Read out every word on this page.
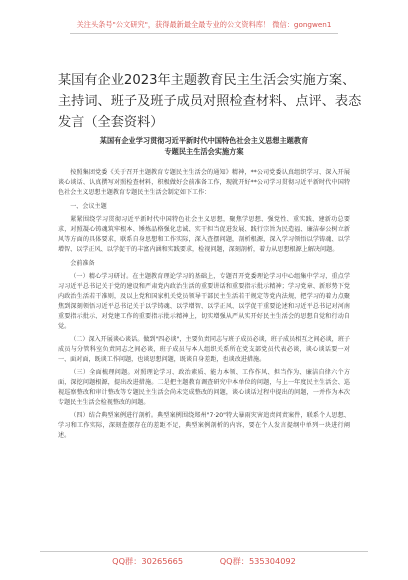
关注头条号"公文研究"，获得最新最全最专业的公文资料库！ 微信：gongwen1
某国有企业2023年主题教育民主生活会实施方案、
主持词、班子及班子成员对照检查材料、点评、表态
发言（全套资料）
某国有企业学习贯彻习近平新时代中国特色社会主义思想主题教育
专题民主生活会实施方案

按照集团党委《关于召开主题教育专题民主生活会的通知》精神，**公司党委认真组织学习、深入开展谈心谈话、认真撰写对照检查材料，积极做好会前准备工作，现就开好**公司学习贯彻习近平新时代中国特色社会主义思想主题教育专题民主生活会制定如下工作：

一、会议主题

紧紧围绕学习贯彻习近平新时代中国特色社会主义思想，聚焦学思想、强党性、重实践、建新功总要求，对照凝心铸魂筑牢根本、锤炼品格强化忠诚、实干担当促进发展、践行宗旨为民造福、廉洁奉公树立新风等方面的具体要求，联系自身思想和工作实际，深入查摆问题，剖析根源，深入学习领悟以学铸魂、以学增智、以学正风、以学促干的丰富内涵和实践要求，检视问题，深刻剖析，着力从思想根源上解决问题。

会前准备

（一）精心学习研讨。在主题教育理论学习的基础上，专题召开党委理论学习中心组集中学习，重点学习习近平总书记关于党的建设和严肃党内政治生活的重要讲话和重要指示批示精神；学习党章、新形势下党内政治生活若干准则，及以上党和国家机关党员领导干部民主生活若干规定等党内法规，把学习的着力点聚焦到深刻领悟习近平总书记关于以学铸魂、以学增智、以学正风、以学促干重要论述和习近平总书记对河南重要指示批示、对党建工作的重要指示批示精神上，切实增强从严从实开好民主生活会的思想自觉和行动自觉。

（二）深入开展谈心谈话。做到"四必谈"，主要负责同志与班子成员必谈，班子成员相互之间必谈，班子成员与分管科室负责同志之间必谈，班子成员与本人组织关系所在党支部党员代表必谈，谈心谈话要一对一、面对面，既谈工作问题，也谈思想问题，既谈自身差距，也谈改进措施。

（三）全面梳理问题。对照理论学习、政治素质、能力本领、工作作风、担当作为、廉洁自律六个方面，深挖问题根源，提出改进措施。二是把主题教育调查研究中本单位的问题，与上一年度民主生活会、巡视巡察整改和审计整改等专题民主生活会尚未完成整改的问题，谈心谈话过程中提出的问题，一并作为本次专题民主生活会检视整改的问题。

（四）结合典型案例进行剖析。典型案例围绕郑州"7·20"特大暴雨灾害追责问责案件，联系个人思想、学习和工作实际，深刻查摆存在的差距不足，典型案例剖析的内容，要在个人发言提纲中单列一块进行阐述。

QQ群：30265665	QQ群：535304092
